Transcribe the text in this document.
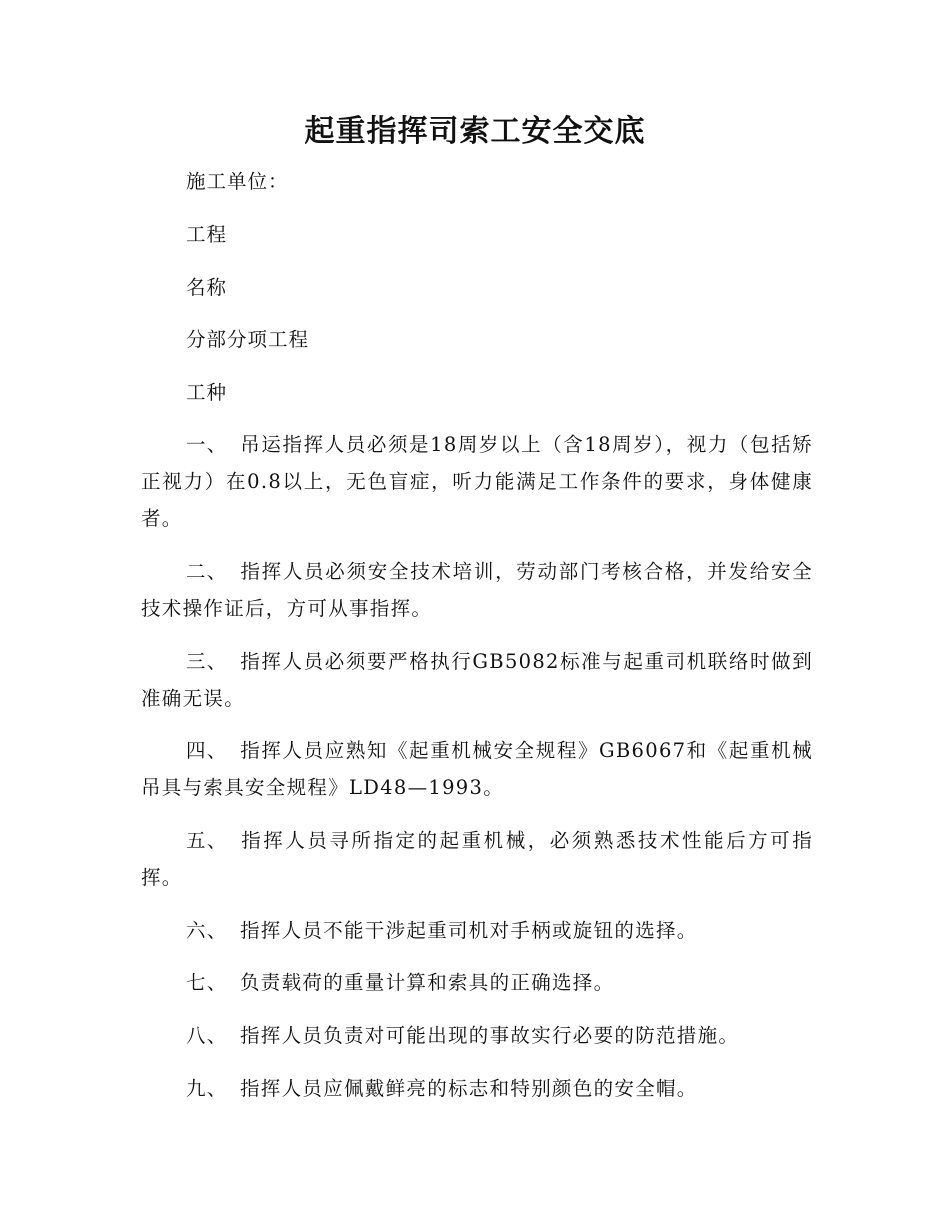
起重指挥司索工安全交底
施工单位：
工程
名称
分部分项工程
工种
一、 吊运指挥人员必须是18周岁以上（含18周岁），视力（包括矫正视力）在0.8以上，无色盲症，听力能满足工作条件的要求，身体健康者。
二、 指挥人员必须安全技术培训，劳动部门考核合格，并发给安全技术操作证后，方可从事指挥。
三、 指挥人员必须要严格执行GB5082标准与起重司机联络时做到准确无误。
四、 指挥人员应熟知《起重机械安全规程》GB6067和《起重机械吊具与索具安全规程》LD48—1993。
五、 指挥人员寻所指定的起重机械，必须熟悉技术性能后方可指挥。
六、 指挥人员不能干涉起重司机对手柄或旋钮的选择。
七、 负责载荷的重量计算和索具的正确选择。
八、 指挥人员负责对可能出现的事故实行必要的防范措施。
九、 指挥人员应佩戴鲜亮的标志和特别颜色的安全帽。
